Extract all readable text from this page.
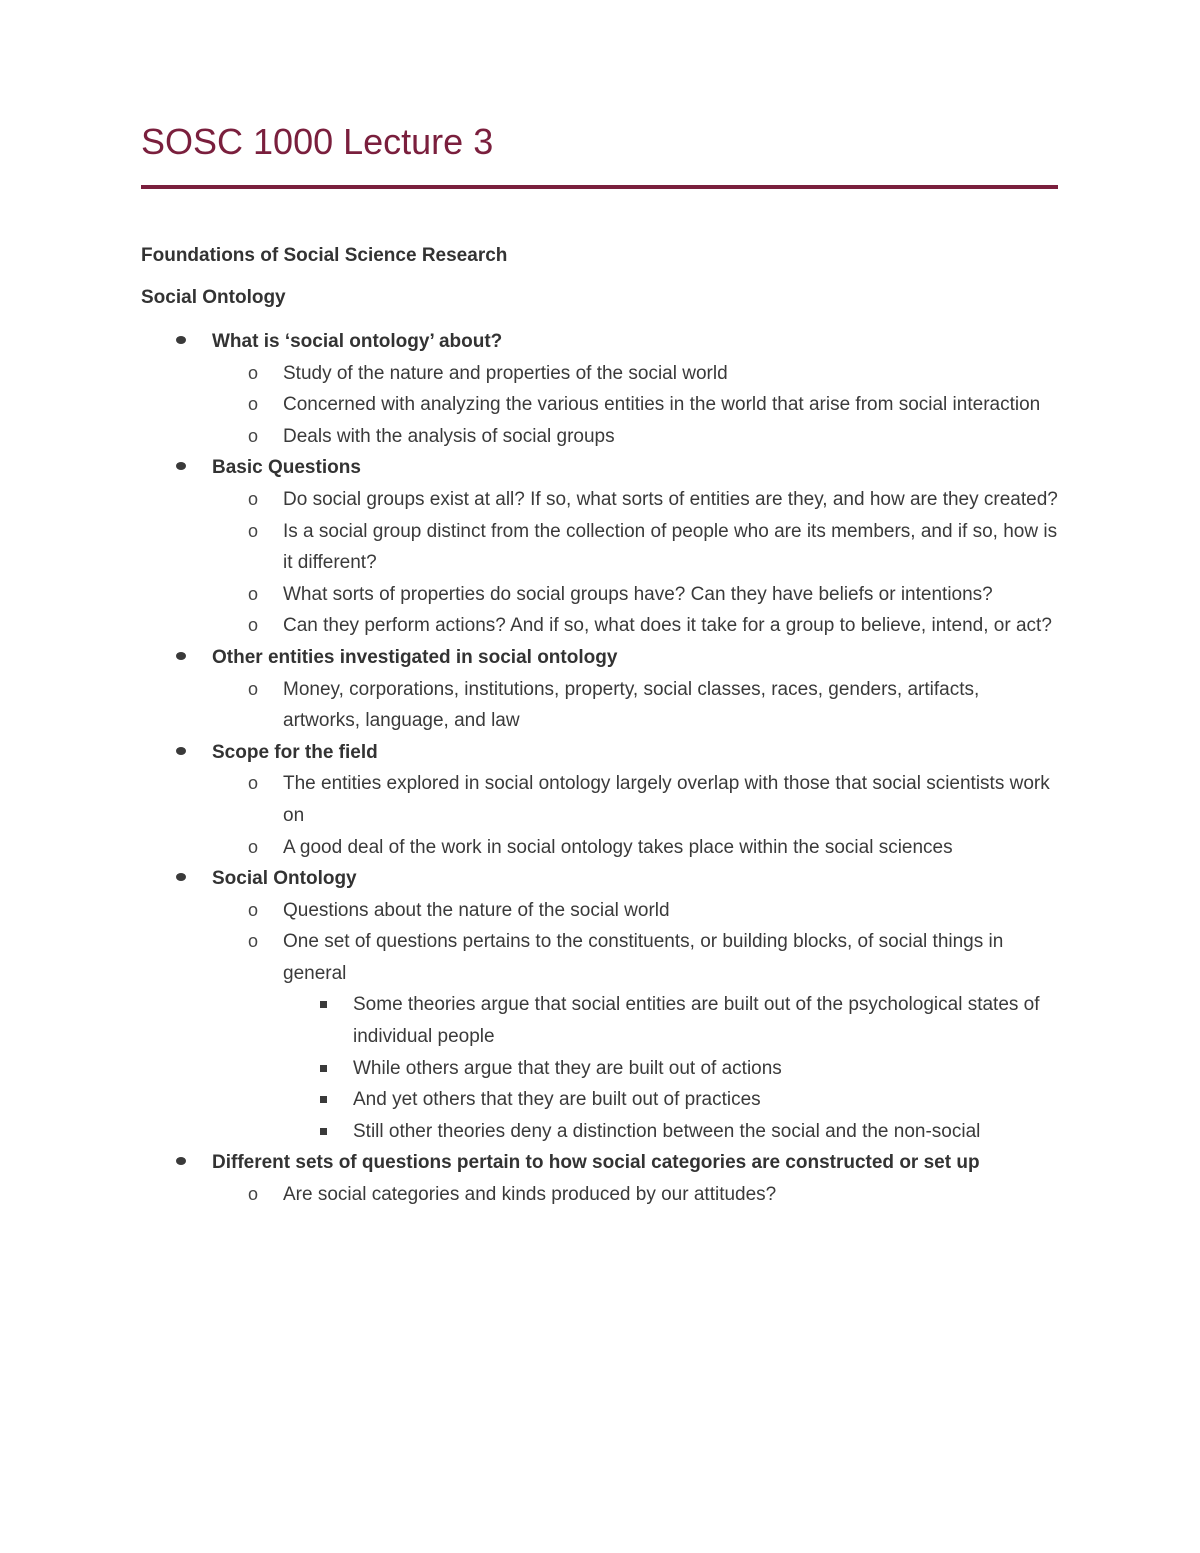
SOSC 1000 Lecture 3

Foundations of Social Science Research

Social Ontology

What is ‘social ontology’ about?
o Study of the nature and properties of the social world
o Concerned with analyzing the various entities in the world that arise from social interaction
o Deals with the analysis of social groups
Basic Questions
o Do social groups exist at all? If so, what sorts of entities are they, and how are they created?
o Is a social group distinct from the collection of people who are its members, and if so, how is it different?
o What sorts of properties do social groups have? Can they have beliefs or intentions?
o Can they perform actions? And if so, what does it take for a group to believe, intend, or act?
Other entities investigated in social ontology
o Money, corporations, institutions, property, social classes, races, genders, artifacts, artworks, language, and law
Scope for the field
o The entities explored in social ontology largely overlap with those that social scientists work on
o A good deal of the work in social ontology takes place within the social sciences
Social Ontology
o Questions about the nature of the social world
o One set of questions pertains to the constituents, or building blocks, of social things in general
Some theories argue that social entities are built out of the psychological states of individual people
While others argue that they are built out of actions
And yet others that they are built out of practices
Still other theories deny a distinction between the social and the non-social
Different sets of questions pertain to how social categories are constructed or set up
o Are social categories and kinds produced by our attitudes?
